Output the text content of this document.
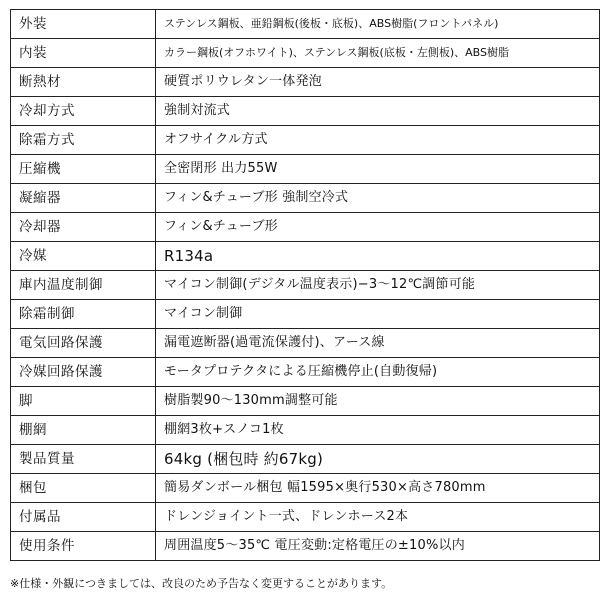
外装	ステンレス鋼板、亜鉛鋼板(後板・底板)、ABS樹脂(フロントパネル)
内装	カラー鋼板(オフホワイト)、ステンレス鋼板(底板・左側板)、ABS樹脂
断熱材	硬質ポリウレタン一体発泡
冷却方式	強制対流式
除霜方式	オフサイクル方式
圧縮機	全密閉形 出力55W
凝縮器	フィン&チューブ形 強制空冷式
冷却器	フィン&チューブ形
冷媒	R134a
庫内温度制御	マイコン制御(デジタル温度表示)−3〜12℃調節可能
除霜制御	マイコン制御
電気回路保護	漏電遮断器(過電流保護付)、アース線
冷媒回路保護	モータプロテクタによる圧縮機停止(自動復帰)
脚	樹脂製90〜130mm調整可能
棚網	棚網3枚+スノコ1枚
製品質量	64kg (梱包時 約67kg)
梱包	簡易ダンボール梱包 幅1595×奥行530×高さ780mm
付属品	ドレンジョイント一式、ドレンホース2本
使用条件	周囲温度5〜35℃ 電圧変動:定格電圧の±10%以内
※仕様・外観につきましては、改良のため予告なく変更することがあります。
